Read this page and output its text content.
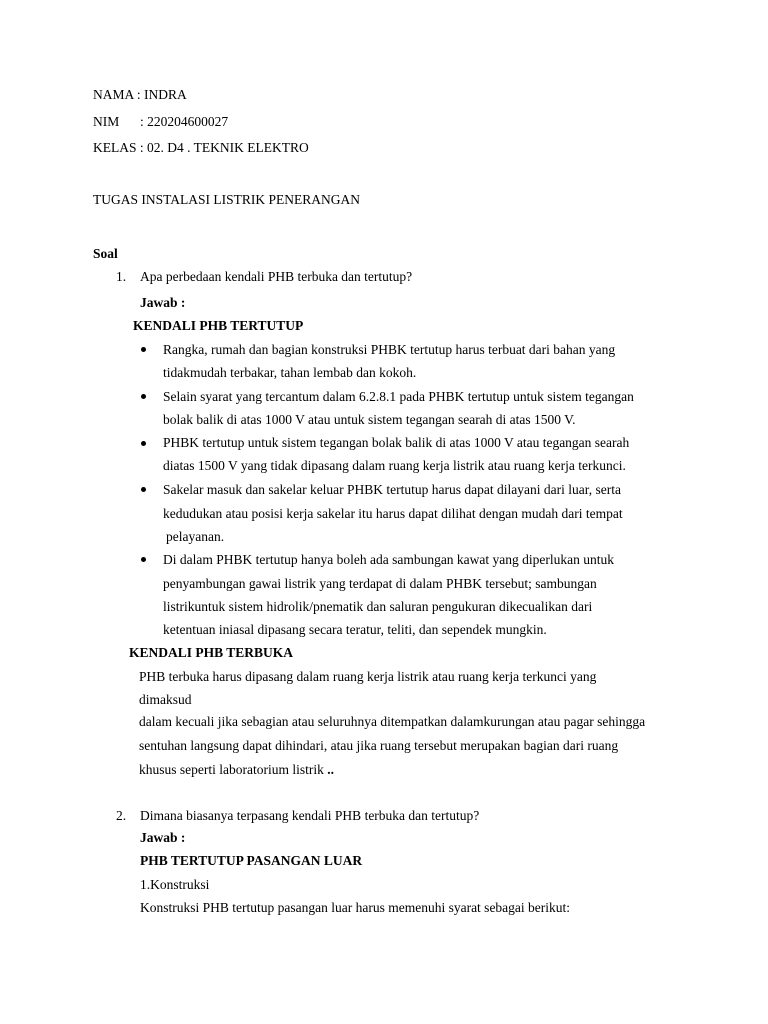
NAMA : INDRA
NIM : 220204600027
KELAS : 02. D4 . TEKNIK ELEKTRO
TUGAS INSTALASI LISTRIK PENERANGAN
Soal
1. Apa perbedaan kendali PHB terbuka dan tertutup?
Jawab :
KENDALI PHB TERTUTUP
Rangka, rumah dan bagian konstruksi PHBK tertutup harus terbuat dari bahan yang
tidakmudah terbakar, tahan lembab dan kokoh.
Selain syarat yang tercantum dalam 6.2.8.1 pada PHBK tertutup untuk sistem tegangan
bolak balik di atas 1000 V atau untuk sistem tegangan searah di atas 1500 V.
PHBK tertutup untuk sistem tegangan bolak balik di atas 1000 V atau tegangan searah
diatas 1500 V yang tidak dipasang dalam ruang kerja listrik atau ruang kerja terkunci.
Sakelar masuk dan sakelar keluar PHBK tertutup harus dapat dilayani dari luar, serta
kedudukan atau posisi kerja sakelar itu harus dapat dilihat dengan mudah dari tempat
pelayanan.
Di dalam PHBK tertutup hanya boleh ada sambungan kawat yang diperlukan untuk
penyambungan gawai listrik yang terdapat di dalam PHBK tersebut; sambungan
listrikuntuk sistem hidrolik/pnematik dan saluran pengukuran dikecualikan dari
ketentuan iniasal dipasang secara teratur, teliti, dan sependek mungkin.
KENDALI PHB TERBUKA
PHB terbuka harus dipasang dalam ruang kerja listrik atau ruang kerja terkunci yang
dimaksud
dalam kecuali jika sebagian atau seluruhnya ditempatkan dalamkurungan atau pagar sehingga
sentuhan langsung dapat dihindari, atau jika ruang tersebut merupakan bagian dari ruang
khusus seperti laboratorium listrik ..
2. Dimana biasanya terpasang kendali PHB terbuka dan tertutup?
Jawab :
PHB TERTUTUP PASANGAN LUAR
1.Konstruksi
Konstruksi PHB tertutup pasangan luar harus memenuhi syarat sebagai berikut:
